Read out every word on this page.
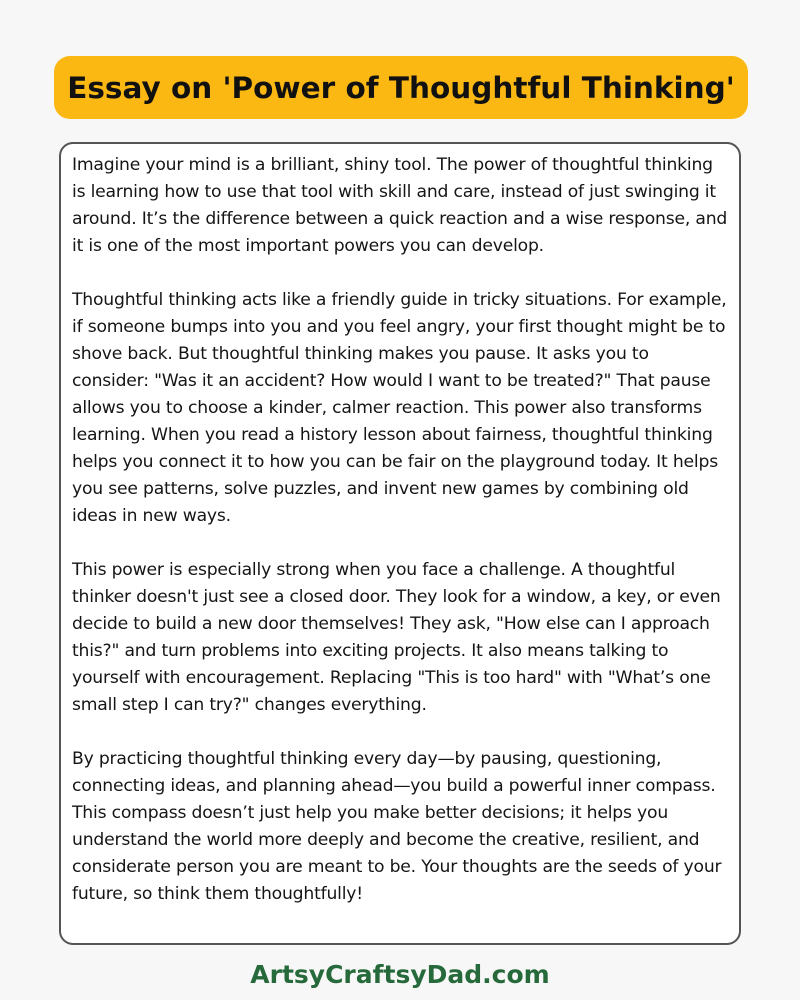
Essay on 'Power of Thoughtful Thinking'

Imagine your mind is a brilliant, shiny tool. The power of thoughtful thinking is learning how to use that tool with skill and care, instead of just swinging it around. It’s the difference between a quick reaction and a wise response, and it is one of the most important powers you can develop.

Thoughtful thinking acts like a friendly guide in tricky situations. For example, if someone bumps into you and you feel angry, your first thought might be to shove back. But thoughtful thinking makes you pause. It asks you to consider: "Was it an accident? How would I want to be treated?" That pause allows you to choose a kinder, calmer reaction. This power also transforms learning. When you read a history lesson about fairness, thoughtful thinking helps you connect it to how you can be fair on the playground today. It helps you see patterns, solve puzzles, and invent new games by combining old ideas in new ways.

This power is especially strong when you face a challenge. A thoughtful thinker doesn't just see a closed door. They look for a window, a key, or even decide to build a new door themselves! They ask, "How else can I approach this?" and turn problems into exciting projects. It also means talking to yourself with encouragement. Replacing "This is too hard" with "What’s one small step I can try?" changes everything.

By practicing thoughtful thinking every day—by pausing, questioning, connecting ideas, and planning ahead—you build a powerful inner compass. This compass doesn’t just help you make better decisions; it helps you understand the world more deeply and become the creative, resilient, and considerate person you are meant to be. Your thoughts are the seeds of your future, so think them thoughtfully!

ArtsyCraftsyDad.com
